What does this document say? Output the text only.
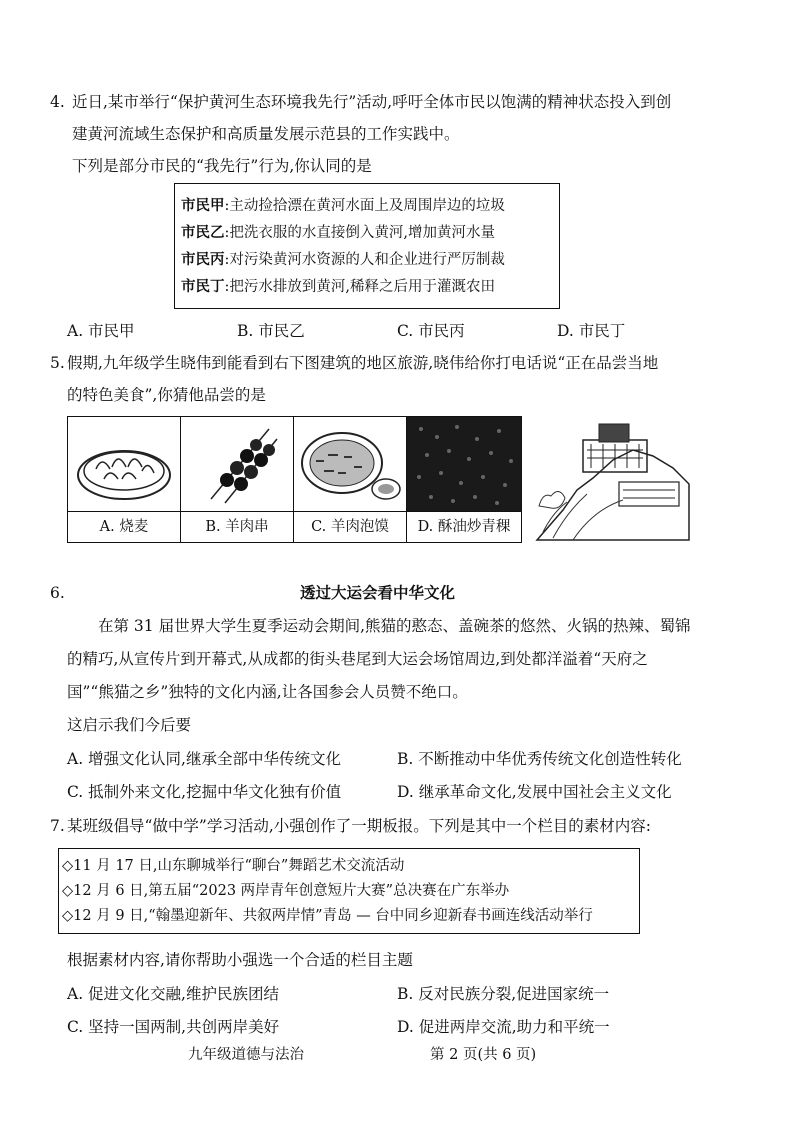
4. 近日,某市举行“保护黄河生态环境我先行”活动,呼吁全体市民以饱满的精神状态投入到创
建黄河流域生态保护和高质量发展示范县的工作实践中。
下列是部分市民的“我先行”行为,你认同的是
市民甲:主动捡拾漂在黄河水面上及周围岸边的垃圾
市民乙:把洗衣服的水直接倒入黄河,增加黄河水量
市民丙:对污染黄河水资源的人和企业进行严厉制裁
市民丁:把污水排放到黄河,稀释之后用于灌溉农田
A. 市民甲	B. 市民乙	C. 市民丙	D. 市民丁
5. 假期,九年级学生晓伟到能看到右下图建筑的地区旅游,晓伟给你打电话说“正在品尝当地
的特色美食”,你猜他品尝的是

A. 烧麦	B. 羊肉串	C. 羊肉泡馍	D. 酥油炒青稞
6.	透过大运会看中华文化
在第 31 届世界大学生夏季运动会期间,熊猫的憨态、盖碗茶的悠然、火锅的热辣、蜀锦
的精巧,从宣传片到开幕式,从成都的街头巷尾到大运会场馆周边,到处都洋溢着“天府之
国”“熊猫之乡”独特的文化内涵,让各国参会人员赞不绝口。
这启示我们今后要
A. 增强文化认同,继承全部中华传统文化	B. 不断推动中华优秀传统文化创造性转化
C. 抵制外来文化,挖掘中华文化独有价值	D. 继承革命文化,发展中国社会主义文化
7. 某班级倡导“做中学”学习活动,小强创作了一期板报。下列是其中一个栏目的素材内容:
◇11 月 17 日,山东聊城举行“聊台”舞蹈艺术交流活动
◇12 月 6 日,第五届“2023 两岸青年创意短片大赛”总决赛在广东举办
◇12 月 9 日,“翰墨迎新年、共叙两岸情”青岛 — 台中同乡迎新春书画连线活动举行
根据素材内容,请你帮助小强选一个合适的栏目主题
A. 促进文化交融,维护民族团结	B. 反对民族分裂,促进国家统一
C. 坚持一国两制,共创两岸美好	D. 促进两岸交流,助力和平统一
九年级道德与法治	第 2 页(共 6 页)
